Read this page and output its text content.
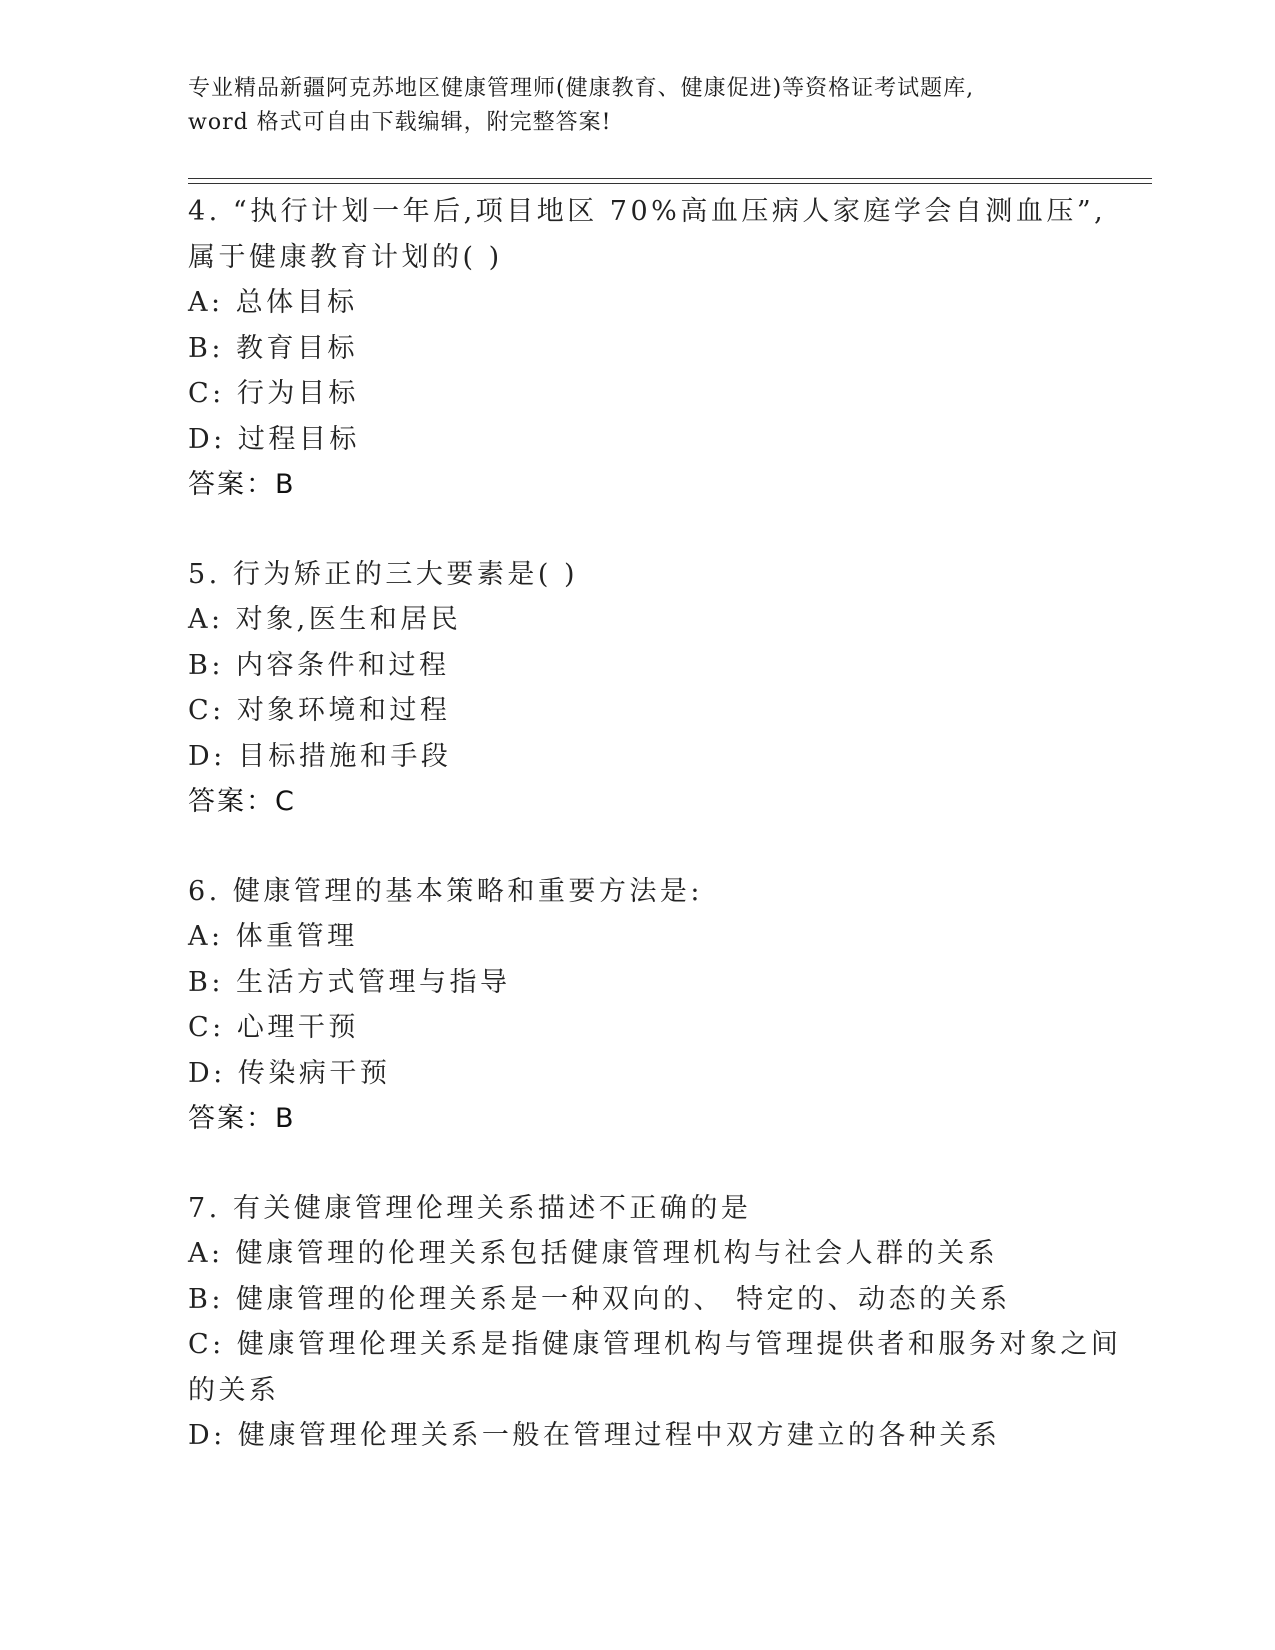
专业精品新疆阿克苏地区健康管理师(健康教育、健康促进)等资格证考试题库,
word 格式可自由下载编辑，附完整答案!
4. “执行计划一年后,项目地区 70%高血压病人家庭学会自测血压”,
属于健康教育计划的( )
A: 总体目标
B: 教育目标
C: 行为目标
D: 过程目标
答案：B
5. 行为矫正的三大要素是( )
A: 对象,医生和居民
B: 内容条件和过程
C: 对象环境和过程
D: 目标措施和手段
答案：C
6. 健康管理的基本策略和重要方法是:
A: 体重管理
B: 生活方式管理与指导
C: 心理干预
D: 传染病干预
答案：B
7. 有关健康管理伦理关系描述不正确的是
A: 健康管理的伦理关系包括健康管理机构与社会人群的关系
B: 健康管理的伦理关系是一种双向的、 特定的、动态的关系
C: 健康管理伦理关系是指健康管理机构与管理提供者和服务对象之间
的关系
D: 健康管理伦理关系一般在管理过程中双方建立的各种关系
